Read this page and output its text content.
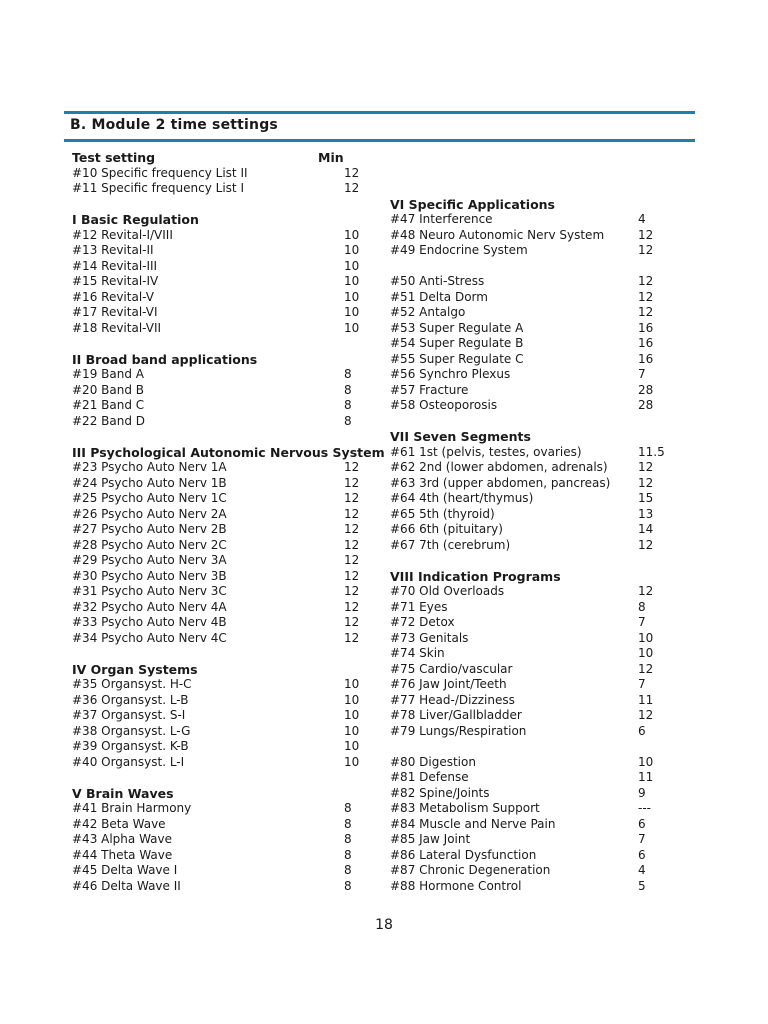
B. Module 2 time settings
Test setting	Min
#10 Specific frequency List II	12
#11 Specific frequency List I	12
I Basic Regulation
#12 Revital-I/VIII	10
#13 Revital-II	10
#14 Revital-III	10
#15 Revital-IV	10
#16 Revital-V	10
#17 Revital-VI	10
#18 Revital-VII	10
II Broad band applications
#19 Band A	8
#20 Band B	8
#21 Band C	8
#22 Band D	8
III Psychological Autonomic Nervous System
#23 Psycho Auto Nerv 1A	12
#24 Psycho Auto Nerv 1B	12
#25 Psycho Auto Nerv 1C	12
#26 Psycho Auto Nerv 2A	12
#27 Psycho Auto Nerv 2B	12
#28 Psycho Auto Nerv 2C	12
#29 Psycho Auto Nerv 3A	12
#30 Psycho Auto Nerv 3B	12
#31 Psycho Auto Nerv 3C	12
#32 Psycho Auto Nerv 4A	12
#33 Psycho Auto Nerv 4B	12
#34 Psycho Auto Nerv 4C	12
IV Organ Systems
#35 Organsyst. H-C	10
#36 Organsyst. L-B	10
#37 Organsyst. S-I	10
#38 Organsyst. L-G	10
#39 Organsyst. K-B	10
#40 Organsyst. L-I	10
V Brain Waves
#41 Brain Harmony	8
#42 Beta Wave	8
#43 Alpha Wave	8
#44 Theta Wave	8
#45 Delta Wave I	8
#46 Delta Wave II	8
VI Specific Applications
#47 Interference	4
#48 Neuro Autonomic Nerv System	12
#49 Endocrine System	12
#50 Anti-Stress	12
#51 Delta Dorm	12
#52 Antalgo	12
#53 Super Regulate A	16
#54 Super Regulate B	16
#55 Super Regulate C	16
#56 Synchro Plexus	7
#57 Fracture	28
#58 Osteoporosis	28
VII Seven Segments
#61 1st (pelvis, testes, ovaries)	11.5
#62 2nd (lower abdomen, adrenals)	12
#63 3rd (upper abdomen, pancreas) 12
#64 4th (heart/thymus)	15
#65 5th (thyroid)	13
#66 6th (pituitary)	14
#67 7th (cerebrum)	12
VIII Indication Programs
#70 Old Overloads	12
#71 Eyes	8
#72 Detox	7
#73 Genitals	10
#74 Skin	10
#75 Cardio/vascular	12
#76 Jaw Joint/Teeth	7
#77 Head-/Dizziness	11
#78 Liver/Gallbladder	12
#79 Lungs/Respiration	6
#80 Digestion	10
#81 Defense	11
#82 Spine/Joints	9
#83 Metabolism Support	---
#84 Muscle and Nerve Pain	6
#85 Jaw Joint	7
#86 Lateral Dysfunction	6
#87 Chronic Degeneration	4
#88 Hormone Control	5
18
